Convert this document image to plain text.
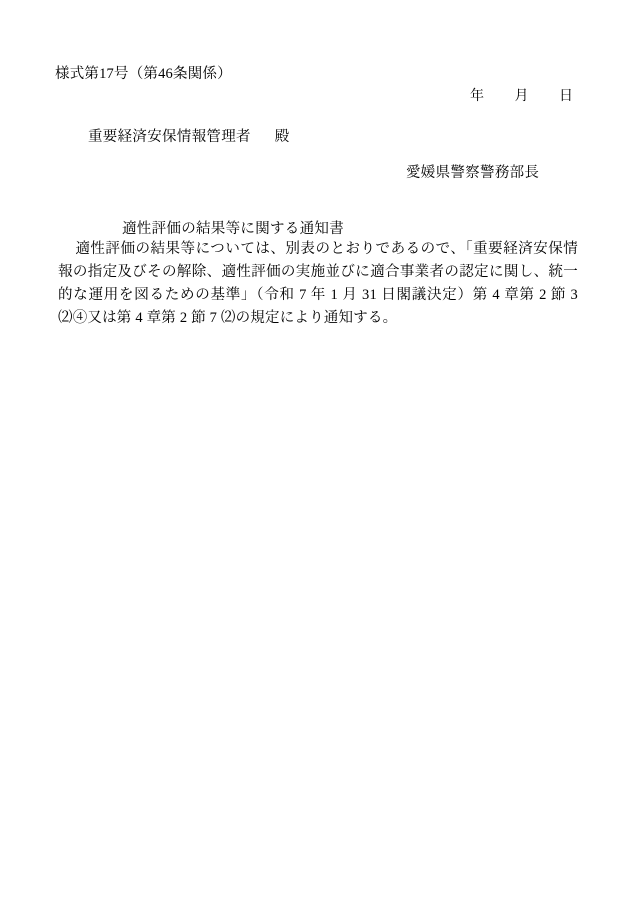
様式第17号（第46条関係）
年 月 日
重要経済安保情報管理者 殿
愛媛県警察警務部長
適性評価の結果等に関する通知書

適性評価の結果等については、別表のとおりであるので、「重要経済安保情報の指定及びその解除、適性評価の実施並びに適合事業者の認定に関し、統一的な運用を図るための基準」（令和 7 年 1 月 31 日閣議決定）第 4 章第 2 節 3 ⑵④又は第 4 章第 2 節 7 ⑵の規定により通知する。
